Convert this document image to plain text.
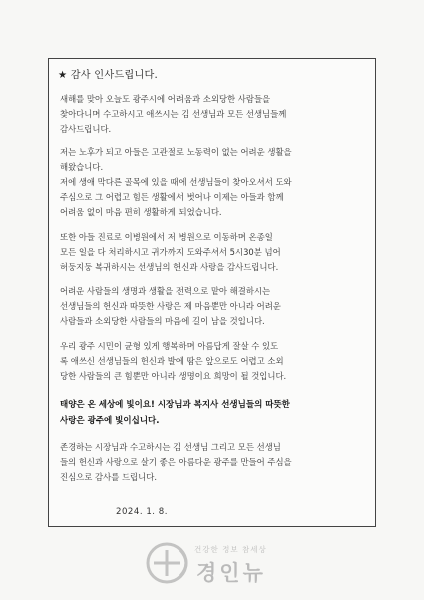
★ 감사 인사드립니다.
새해를 맞아 오늘도 광주시에 어려움과 소외당한 사람들을
찾아다니며 수고하시고 애쓰시는 김 선생님과 모든 선생님들께
감사드립니다.
저는 노후가 되고 아들은 고관절로 노동력이 없는 어려운 생활을
해왔습니다.
저에 생애 막다른 골목에 있을 때에 선생님들이 찾아오셔서 도와
주심으로 그 어렵고 힘든 생활에서 벗어나 이제는 아들과 함께
어려움 없이 마음 편히 생활하게 되었습니다.
또한 아들 진료로 이병원에서 저 병원으로 이동하며 온종일
모든 일을 다 처리하시고 귀가까지 도와주셔서 5시30분 넘어
허둥지둥 복귀하시는 선생님의 헌신과 사랑을 감사드립니다.
어려운 사람들의 생명과 생활을 전력으로 맡아 해결하시는
선생님들의 헌신과 따뜻한 사랑은 제 마음뿐만 아니라 어려운
사람들과 소외당한 사람들의 마음에 길이 남을 것입니다.
우리 광주 시민이 균형 있게 행복하며 아름답게 잘살 수 있도
록 애쓰신 선생님들의 헌신과 발에 땀은 앞으로도 어렵고 소외
당한 사람들의 큰 힘뿐만 아니라 생명이요 희망이 될 것입니다.
태양은 온 세상에 빛이요! 시장님과 복지사 선생님들의 따뜻한
사랑은 광주에 빛이십니다.
존경하는 시장님과 수고하시는 김 선생님 그리고 모든 선생님
들의 헌신과 사랑으로 살기 좋은 아름다운 광주를 만들어 주심을
진심으로 감사를 드립니다.
2024. 1. 8.
건강한 정보 참세상
경인뉴
